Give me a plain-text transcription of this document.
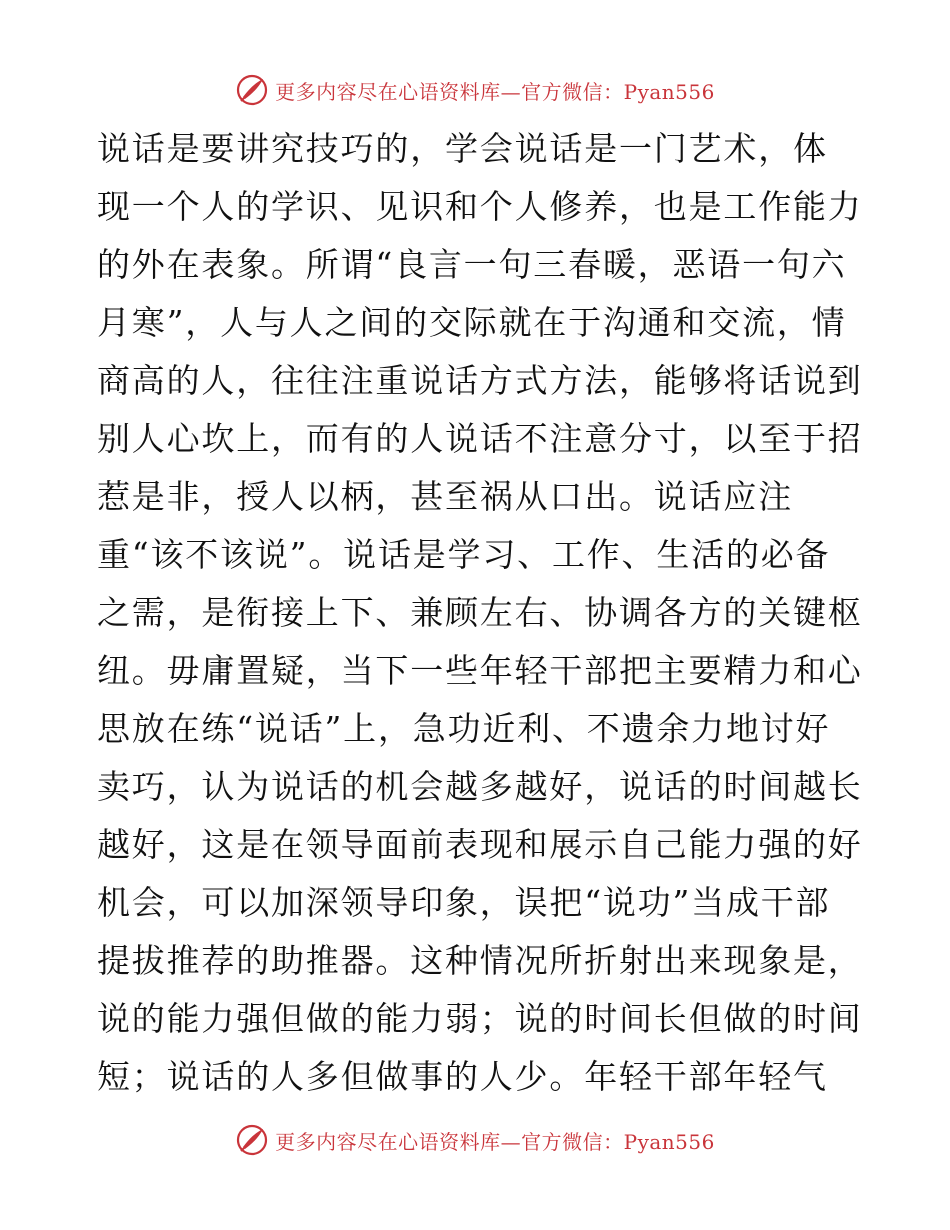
更多内容尽在心语资料库—官方微信：Pyan556
说话是要讲究技巧的，学会说话是一门艺术，体
现一个人的学识、见识和个人修养，也是工作能力
的外在表象。所谓“良言一句三春暖，恶语一句六
月寒”，人与人之间的交际就在于沟通和交流，情
商高的人，往往注重说话方式方法，能够将话说到
别人心坎上，而有的人说话不注意分寸，以至于招
惹是非，授人以柄，甚至祸从口出。说话应注
重“该不该说”。说话是学习、工作、生活的必备
之需，是衔接上下、兼顾左右、协调各方的关键枢
纽。毋庸置疑，当下一些年轻干部把主要精力和心
思放在练“说话”上，急功近利、不遗余力地讨好
卖巧，认为说话的机会越多越好，说话的时间越长
越好，这是在领导面前表现和展示自己能力强的好
机会，可以加深领导印象，误把“说功”当成干部
提拔推荐的助推器。这种情况所折射出来现象是，
说的能力强但做的能力弱；说的时间长但做的时间
短；说话的人多但做事的人少。年轻干部年轻气
更多内容尽在心语资料库—官方微信：Pyan556
